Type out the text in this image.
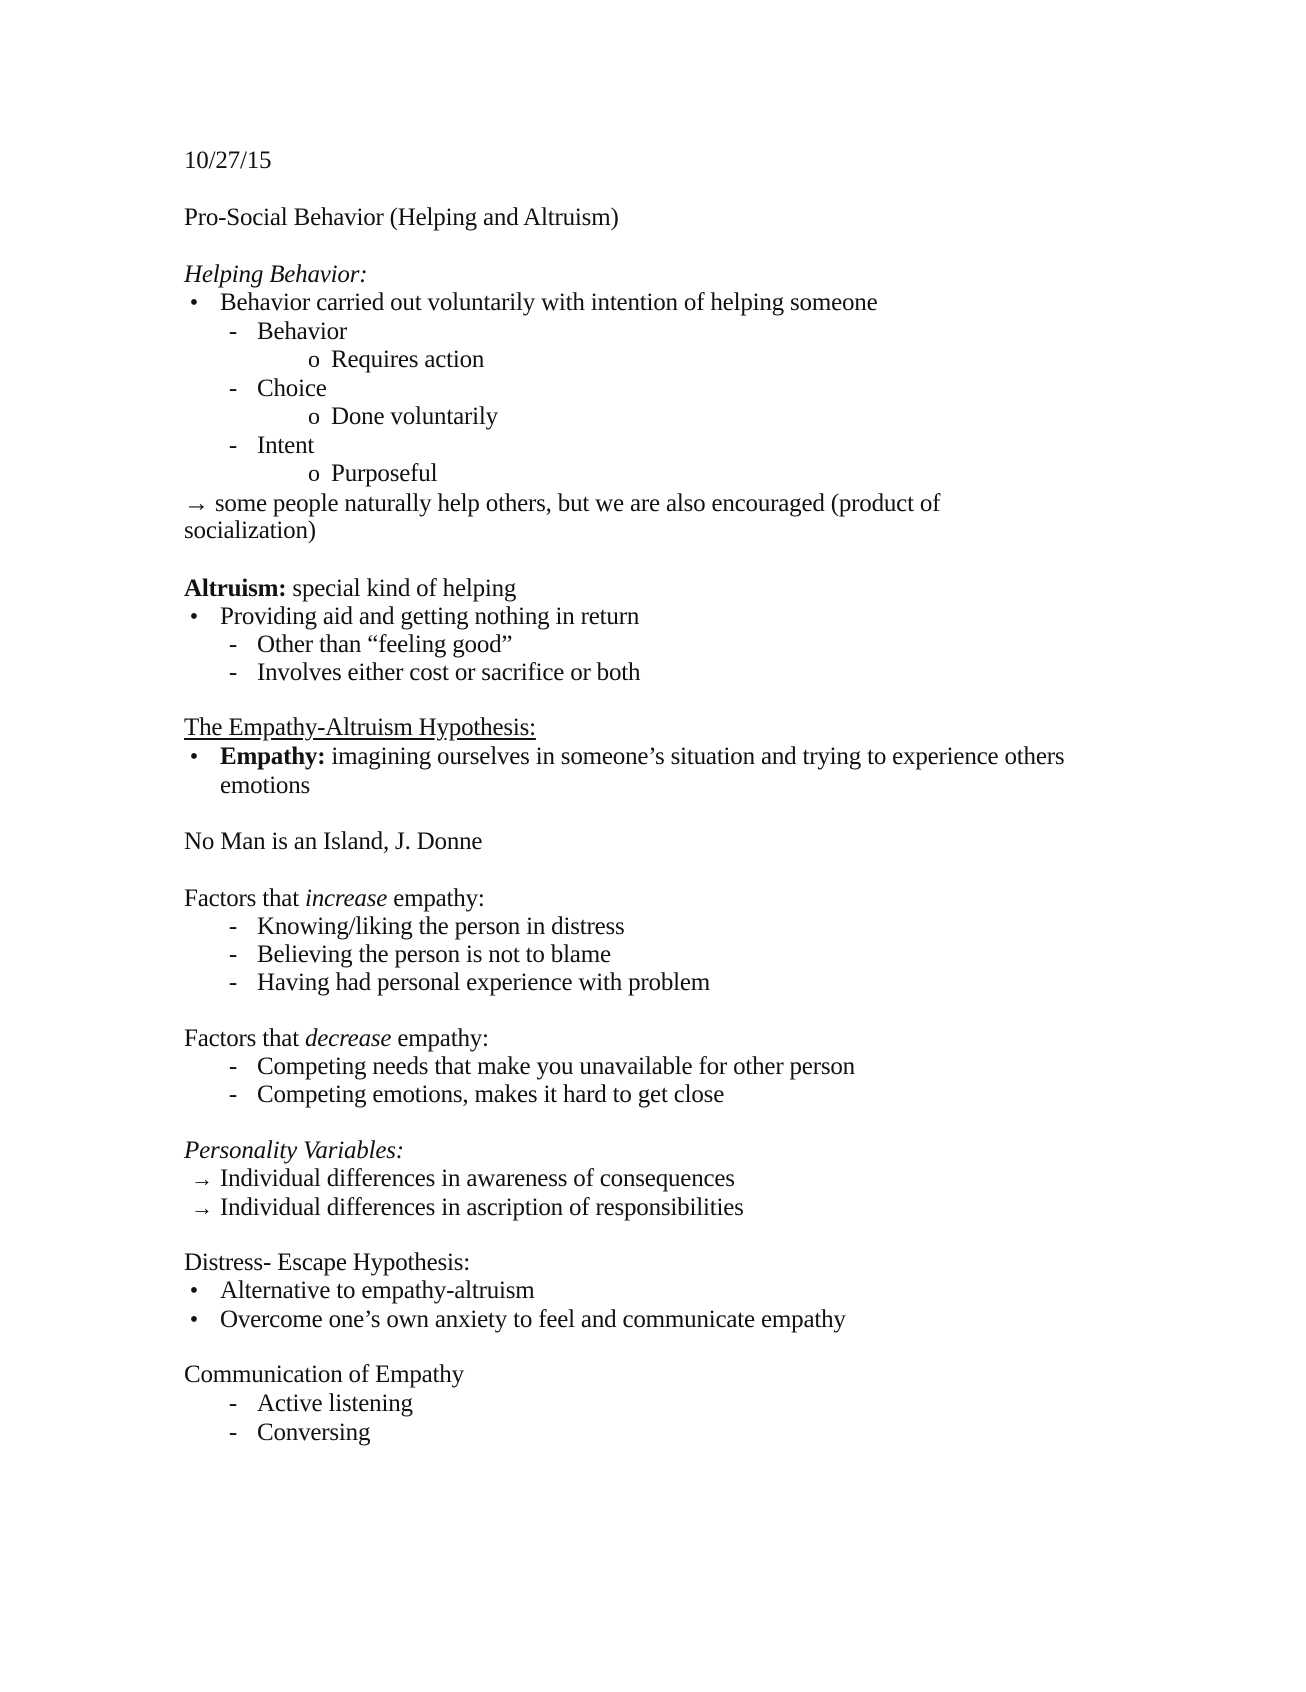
10/27/15
Pro-Social Behavior (Helping and Altruism)
Helping Behavior:
• Behavior carried out voluntarily with intention of helping someone
- Behavior
o Requires action
- Choice
o Done voluntarily
- Intent
o Purposeful
→ some people naturally help others, but we are also encouraged (product of
socialization)
Altruism: special kind of helping
• Providing aid and getting nothing in return
- Other than “feeling good”
- Involves either cost or sacrifice or both
The Empathy-Altruism Hypothesis:
• Empathy: imagining ourselves in someone’s situation and trying to experience others
emotions
No Man is an Island, J. Donne
Factors that increase empathy:
- Knowing/liking the person in distress
- Believing the person is not to blame
- Having had personal experience with problem
Factors that decrease empathy:
- Competing needs that make you unavailable for other person
- Competing emotions, makes it hard to get close
Personality Variables:
→ Individual differences in awareness of consequences
→ Individual differences in ascription of responsibilities
Distress- Escape Hypothesis:
• Alternative to empathy-altruism
• Overcome one’s own anxiety to feel and communicate empathy
Communication of Empathy
- Active listening
- Conversing
